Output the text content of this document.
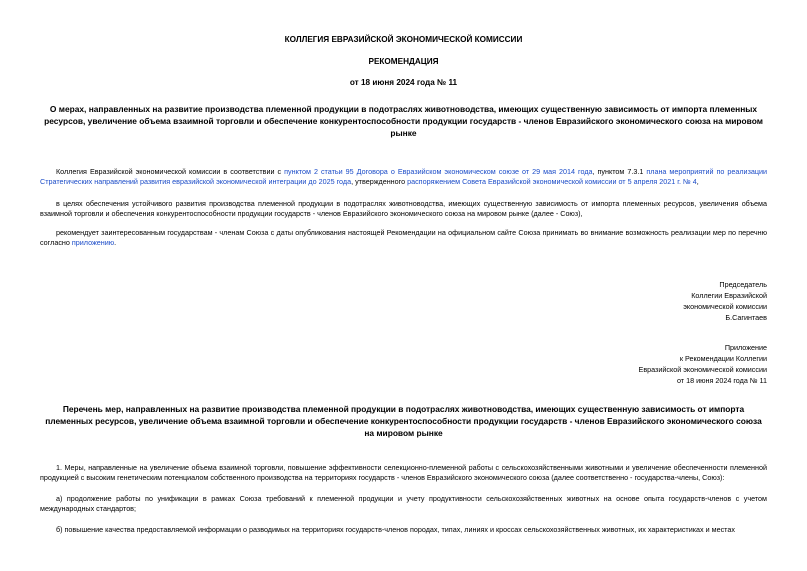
КОЛЛЕГИЯ ЕВРАЗИЙСКОЙ ЭКОНОМИЧЕСКОЙ КОМИССИИ
РЕКОМЕНДАЦИЯ
от 18 июня 2024 года № 11
О мерах, направленных на развитие производства племенной продукции в подотраслях животноводства, имеющих существенную зависимость от импорта племенных ресурсов, увеличение объема взаимной торговли и обеспечение конкурентоспособности продукции государств - членов Евразийского экономического союза на мировом рынке
Коллегия Евразийской экономической комиссии в соответствии с пунктом 2 статьи 95 Договора о Евразийском экономическом союзе от 29 мая 2014 года, пунктом 7.3.1 плана мероприятий по реализации Стратегических направлений развития евразийской экономической интеграции до 2025 года, утвержденного распоряжением Совета Евразийской экономической комиссии от 5 апреля 2021 г. № 4,
в целях обеспечения устойчивого развития производства племенной продукции в подотраслях животноводства, имеющих существенную зависимость от импорта племенных ресурсов, увеличения объема взаимной торговли и обеспечения конкурентоспособности продукции государств - членов Евразийского экономического союза на мировом рынке (далее - Союз),
рекомендует заинтересованным государствам - членам Союза с даты опубликования настоящей Рекомендации на официальном сайте Союза принимать во внимание возможность реализации мер по перечню согласно приложению.
Председатель
Коллегии Евразийской
экономической комиссии
Б.Сагинтаев
Приложение
к Рекомендации Коллегии
Евразийской экономической комиссии
от 18 июня 2024 года № 11
Перечень мер, направленных на развитие производства племенной продукции в подотраслях животноводства, имеющих существенную зависимость от импорта племенных ресурсов, увеличение объема взаимной торговли и обеспечение конкурентоспособности продукции государств - членов Евразийского экономического союза на мировом рынке
1. Меры, направленные на увеличение объема взаимной торговли, повышение эффективности селекционно-племенной работы с сельскохозяйственными животными и увеличение обеспеченности племенной продукцией с высоким генетическим потенциалом собственного производства на территориях государств - членов Евразийского экономического союза (далее соответственно - государства-члены, Союз):
а) продолжение работы по унификации в рамках Союза требований к племенной продукции и учету продуктивности сельскохозяйственных животных на основе опыта государств-членов с учетом международных стандартов;
б) повышение качества предоставляемой информации о разводимых на территориях государств-членов породах, типах, линиях и кроссах сельскохозяйственных животных, их характеристиках и местах
